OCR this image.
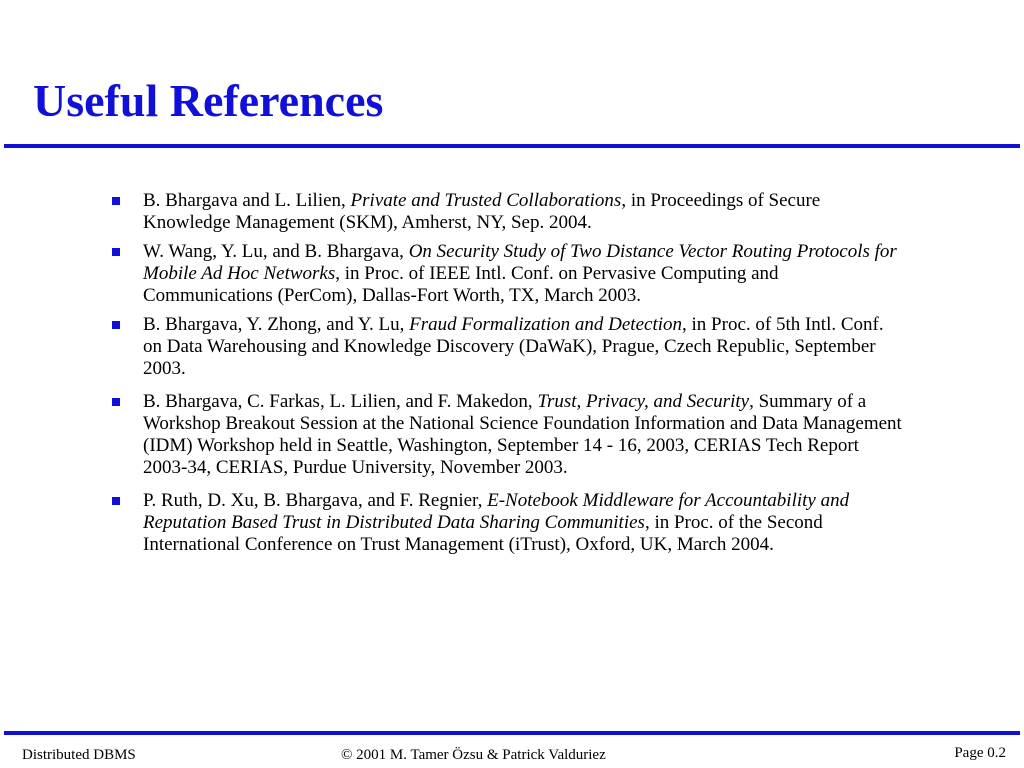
Useful References
B. Bhargava and L. Lilien, Private and Trusted Collaborations, in Proceedings of Secure Knowledge Management (SKM), Amherst, NY, Sep. 2004.
W. Wang, Y. Lu, and B. Bhargava, On Security Study of Two Distance Vector Routing Protocols for Mobile Ad Hoc Networks, in Proc. of IEEE Intl. Conf. on Pervasive Computing and Communications (PerCom), Dallas-Fort Worth, TX, March 2003.
B. Bhargava, Y. Zhong, and Y. Lu, Fraud Formalization and Detection, in Proc. of 5th Intl. Conf. on Data Warehousing and Knowledge Discovery (DaWaK), Prague, Czech Republic, September 2003.
B. Bhargava, C. Farkas, L. Lilien, and F. Makedon, Trust, Privacy, and Security, Summary of a Workshop Breakout Session at the National Science Foundation Information and Data Management (IDM) Workshop held in Seattle, Washington, September 14 - 16, 2003, CERIAS Tech Report 2003-34, CERIAS, Purdue University, November 2003.
P. Ruth, D. Xu, B. Bhargava, and F. Regnier, E-Notebook Middleware for Accountability and Reputation Based Trust in Distributed Data Sharing Communities, in Proc. of the Second International Conference on Trust Management (iTrust), Oxford, UK, March 2004.
Distributed DBMS	© 2001 M. Tamer Özsu & Patrick Valduriez	Page 0.2
